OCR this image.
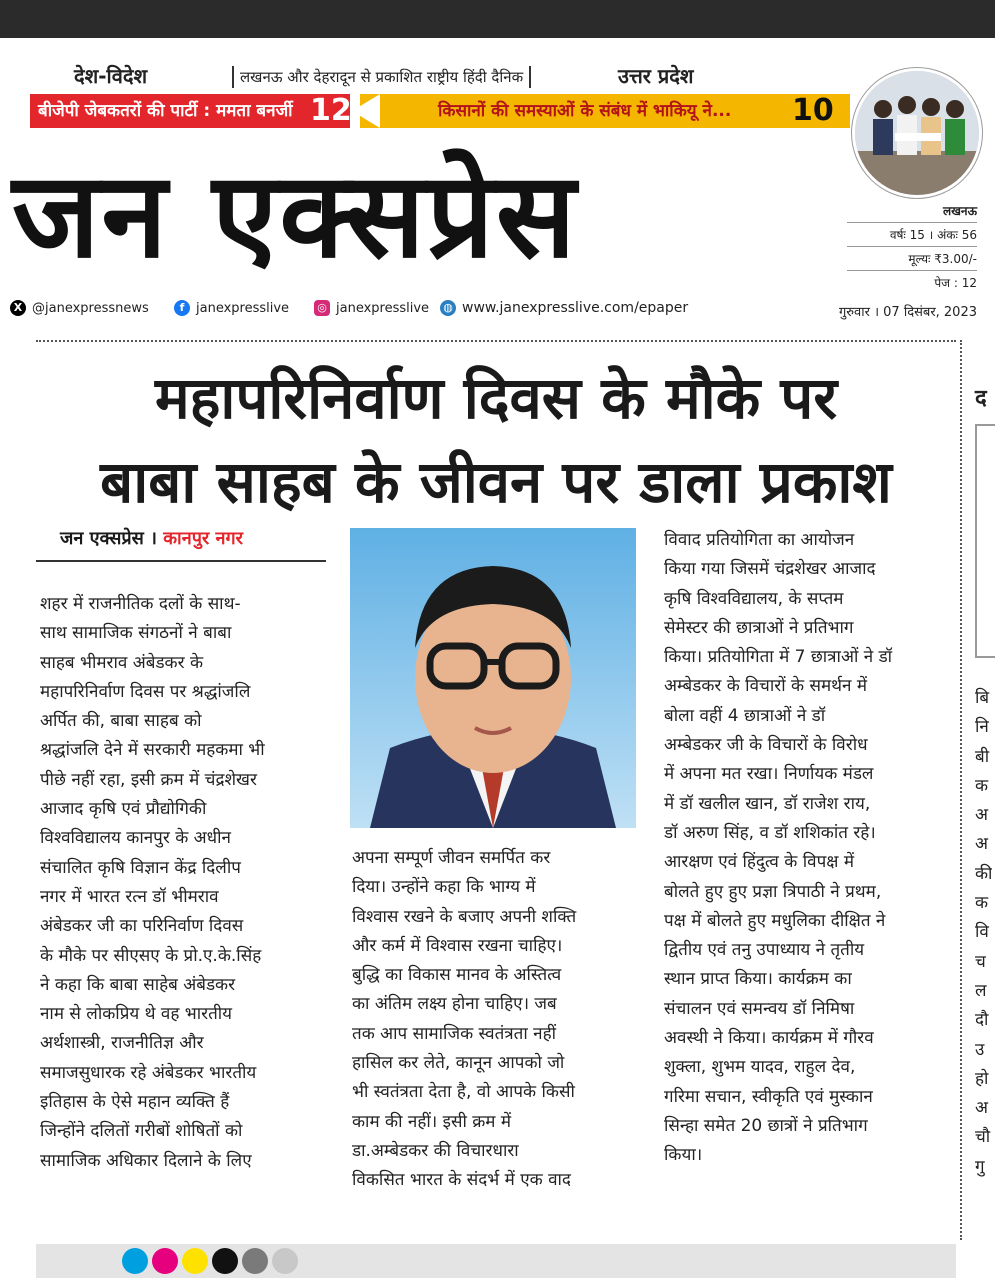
देश-विदेश	लखनऊ और देहरादून से प्रकाशित राष्ट्रीय हिंदी दैनिक	उत्तर प्रदेश
बीजेपी जेबकतरों की पार्टी : ममता बनर्जी 12	किसानों की समस्याओं के संबंध में भाकियू ने... 10
जन एक्सप्रेस	लखनऊ
वर्षः 15 । अंकः 56
मूल्यः ₹3.00/-
पेज : 12
गुरुवार । 07 दिसंबर, 2023
X @janexpressnews	f janexpresslive	◎ janexpresslive ◍ www.janexpresslive.com/epaper
महापरिनिर्वाण दिवस के मौके पर
बाबा साहब के जीवन पर डाला प्रकाश
जन एक्सप्रेस । कानपुर नगर
शहर में राजनीतिक दलों के साथ-
साथ सामाजिक संगठनों ने बाबा
साहब भीमराव अंबेडकर के
महापरिनिर्वाण दिवस पर श्रद्धांजलि
अर्पित की, बाबा साहब को
श्रद्धांजलि देने में सरकारी महकमा भी
पीछे नहीं रहा, इसी क्रम में चंद्रशेखर
आजाद कृषि एवं प्रौद्योगिकी
विश्वविद्यालय कानपुर के अधीन
संचालित कृषि विज्ञान केंद्र दिलीप
नगर में भारत रत्न डॉ भीमराव
अंबेडकर जी का परिनिर्वाण दिवस
के मौके पर सीएसए के प्रो.ए.के.सिंह
ने कहा कि बाबा साहेब अंबेडकर
नाम से लोकप्रिय थे वह भारतीय
अर्थशास्त्री, राजनीतिज्ञ और
समाजसुधारक रहे अंबेडकर भारतीय
इतिहास के ऐसे महान व्यक्ति हैं
जिन्होंने दलितों गरीबों शोषितों को
सामाजिक अधिकार दिलाने के लिए
अपना सम्पूर्ण जीवन समर्पित कर
दिया। उन्होंने कहा कि भाग्य में
विश्वास रखने के बजाए अपनी शक्ति
और कर्म में विश्वास रखना चाहिए।
बुद्धि का विकास मानव के अस्तित्व
का अंतिम लक्ष्य होना चाहिए। जब
तक आप सामाजिक स्वतंत्रता नहीं
हासिल कर लेते, कानून आपको जो
भी स्वतंत्रता देता है, वो आपके किसी
काम की नहीं। इसी क्रम में
डा.अम्बेडकर की विचारधारा
विकसित भारत के संदर्भ में एक वाद
विवाद प्रतियोगिता का आयोजन
किया गया जिसमें चंद्रशेखर आजाद
कृषि विश्वविद्यालय, के सप्तम
सेमेस्टर की छात्राओं ने प्रतिभाग
किया। प्रतियोगिता में 7 छात्राओं ने डॉ
अम्बेडकर के विचारों के समर्थन में
बोला वहीं 4 छात्राओं ने डॉ
अम्बेडकर जी के विचारों के विरोध
में अपना मत रखा। निर्णायक मंडल
में डॉ खलील खान, डॉ राजेश राय,
डॉ अरुण सिंह, व डॉ शशिकांत रहे।
आरक्षण एवं हिंदुत्व के विपक्ष में
बोलते हुए हुए प्रज्ञा त्रिपाठी ने प्रथम,
पक्ष में बोलते हुए मधुलिका दीक्षित ने
द्वितीय एवं तनु उपाध्याय ने तृतीय
स्थान प्राप्त किया। कार्यक्रम का
संचालन एवं समन्वय डॉ निमिषा
अवस्थी ने किया। कार्यक्रम में गौरव
शुक्ला, शुभम यादव, राहुल देव,
गरिमा सचान, स्वीकृति एवं मुस्कान
सिन्हा समेत 20 छात्रों ने प्रतिभाग
किया।
द
बि
नि
बी
क
अ
अ
की
क
वि
च
ल
दौ
उ
हो
अ
चौ
गु
